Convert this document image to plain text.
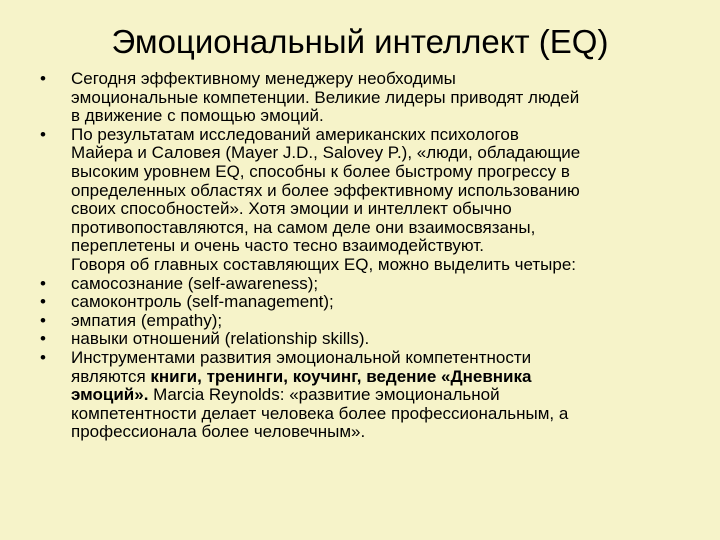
Эмоциональный интеллект (EQ)
•	Сегодня эффективному менеджеру необходимы
эмоциональные компетенции. Великие лидеры приводят людей
в движение с помощью эмоций.
•	По результатам исследований американских психологов
Майера и Саловея (Mayer J.D., Salovey P.), «люди, обладающие
высоким уровнем EQ, способны к более быстрому прогрессу в
определенных областях и более эффективному использованию
своих способностей». Хотя эмоции и интеллект обычно
противопоставляются, на самом деле они взаимосвязаны,
переплетены и очень часто тесно взаимодействуют.
Говоря об главных составляющих EQ, можно выделить четыре:
•	самосознание (self-awareness);
•	самоконтроль (self-management);
•	эмпатия (empathy);
•	навыки отношений (relationship skills).
•	Инструментами развития эмоциональной компетентности
являются книги, тренинги, коучинг, ведение «Дневника
эмоций». Marcia Reynolds: «развитие эмоциональной
компетентности делает человека более профессиональным, а
профессионала более человечным».
